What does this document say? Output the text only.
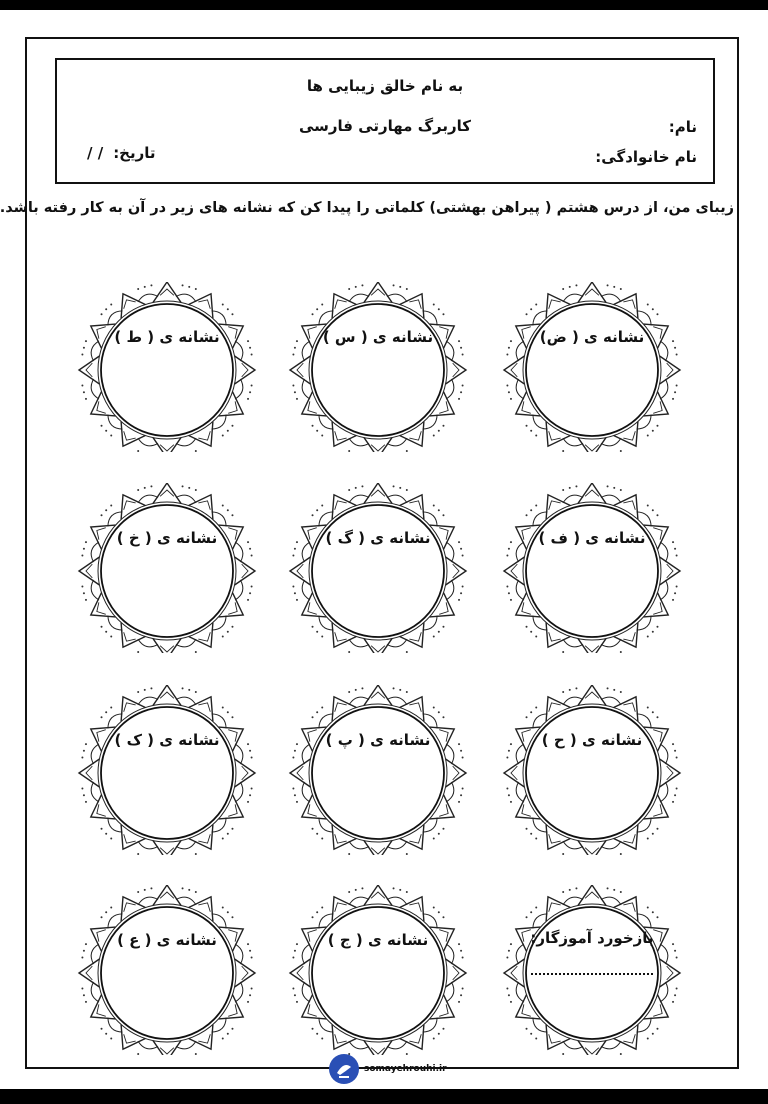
به نام خالق زیبایی ها
کاربرگ مهارتی فارسی	نام:
نام خانوادگی:
/ / تاریخ:
زیبای من، از درس هشتم ( پیراهن بهشتی) کلماتی را پیدا کن که نشانه های زیر در آن به کار رفته باشد.
نشانه ی ( ض)
نشانه ی ( س )
نشانه ی ( ط )
نشانه ی ( ف )
نشانه ی ( گ )
نشانه ی ( خ )
نشانه ی ( ح )
نشانه ی ( پ )
نشانه ی ( ک )
بازخورد آموزگار:
نشانه ی ( ج )
نشانه ی ( ع )
somayehrouhi.ir
